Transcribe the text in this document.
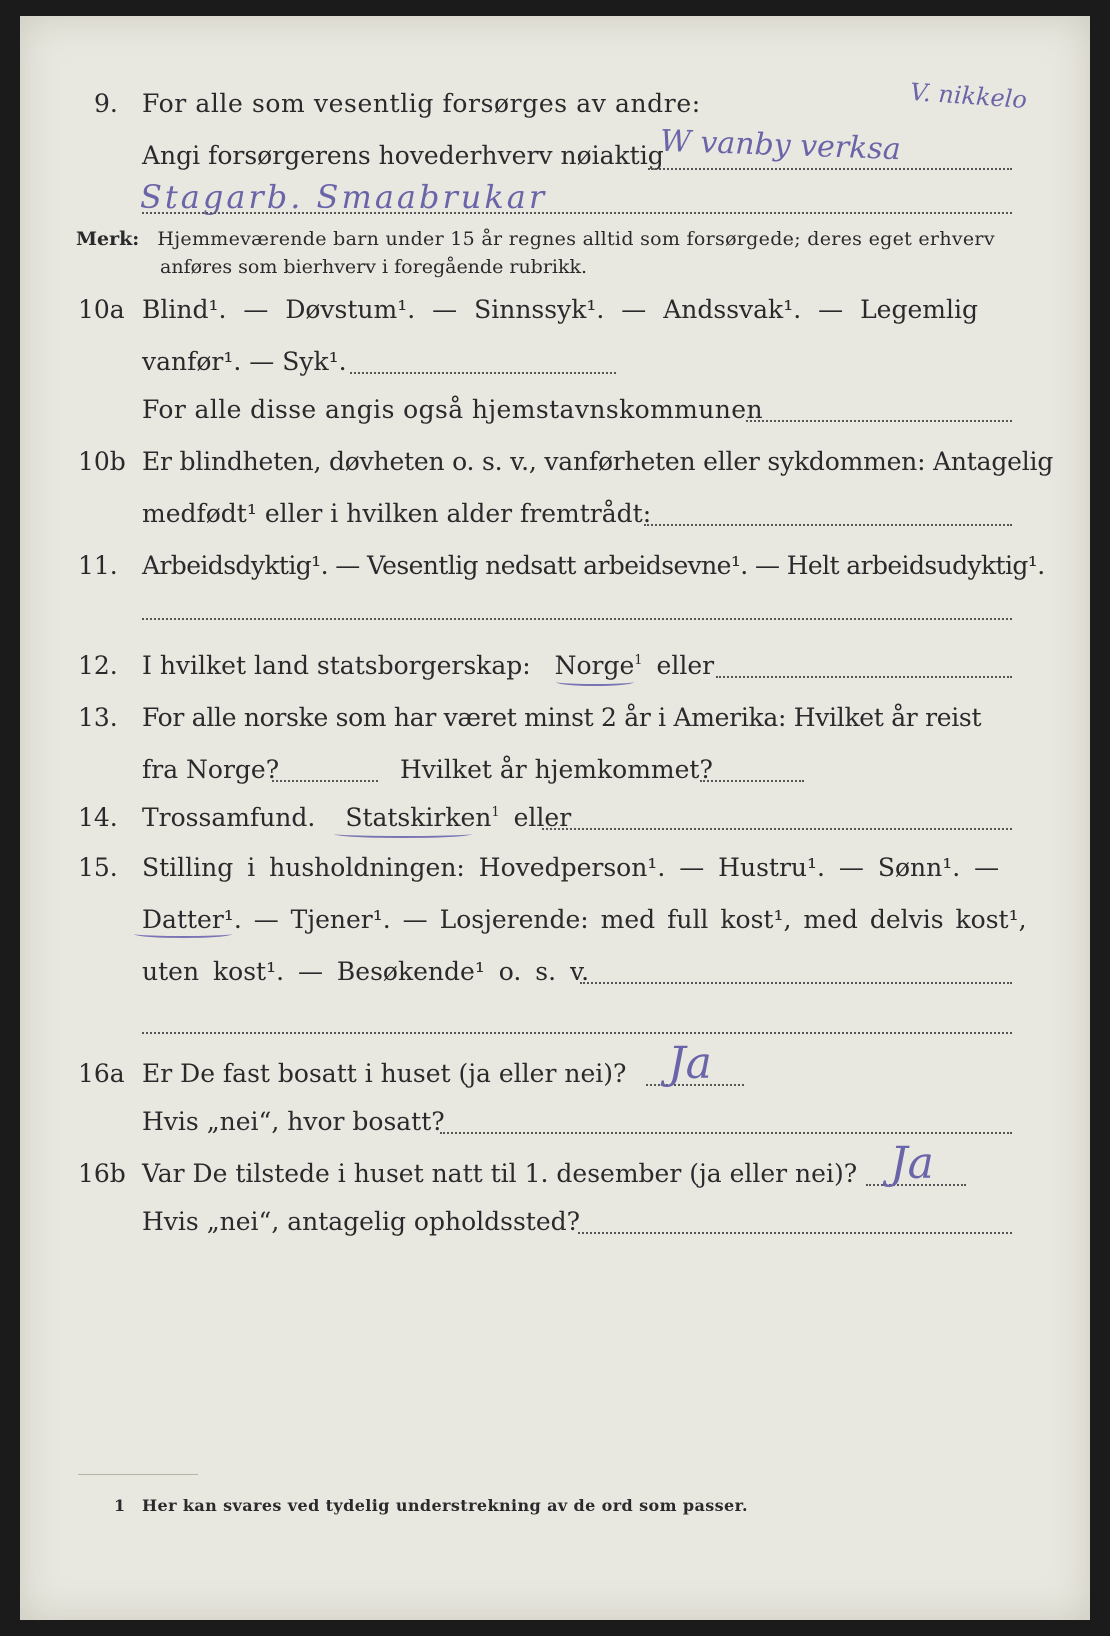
9. For alle som vesentlig forsørges av andre:	V. nikkelo
Angi forsørgerens hovederhverv nøiaktig
W vanby verksa
Stagarb. Smaabrukar
Merk: Hjemmeværende barn under 15 år regnes alltid som forsørgede; deres eget erhverv
anføres som bierhverv i foregående rubrikk.
10a Blind¹. — Døvstum¹. — Sinnssyk¹. — Andssvak¹. — Legemlig
vanfør¹. — Syk¹.
For alle disse angis også hjemstavnskommunen
10b Er blindheten, døvheten o. s. v., vanførheten eller sykdommen: Antagelig
medfødt¹ eller i hvilken alder fremtrådt:
11. Arbeidsdyktig¹. — Vesentlig nedsatt arbeidsevne¹. — Helt arbeidsudyktig¹.
12. I hvilket land statsborgerskap: Norge$^1$ eller
13. For alle norske som har været minst 2 år i Amerika: Hvilket år reist
fra Norge?	Hvilket år hjemkommet?
14. Trossamfund. Statskirken$^1$ eller
15. Stilling i husholdningen: Hovedperson¹. — Hustru¹. — Sønn¹. —
Datter¹. — Tjener¹. — Losjerende: med full kost¹, med delvis kost¹,
uten kost¹. — Besøkende¹ o. s. v.
16a Er De fast bosatt i huset (ja eller nei)? Ja
Hvis „nei“, hvor bosatt?
16b Var De tilstede i huset natt til 1. desember (ja eller nei)? Ja
Hvis „nei“, antagelig opholdssted?
1 Her kan svares ved tydelig understrekning av de ord som passer.
